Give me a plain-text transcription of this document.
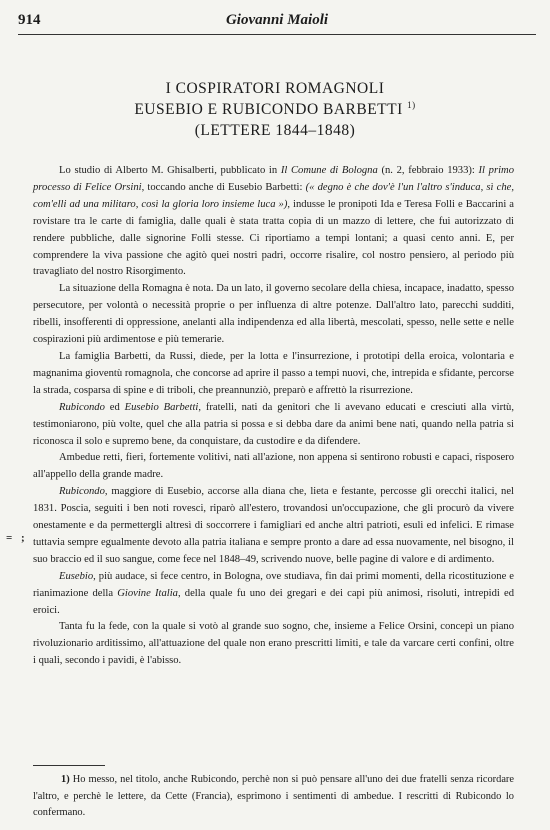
914	Giovanni Maioli
I COSPIRATORI ROMAGNOLI
EUSEBIO E RUBICONDO BARBETTI $^{1)}$
(LETTERE 1844–1848)
= ;

Lo studio di Alberto M. Ghisalberti, pubblicato in Il Comune di Bologna (n. 2, febbraio 1933): Il primo processo di Felice Orsini, toccando anche di Eusebio Barbetti: (« degno è che dov'è l'un l'altro s'induca, sì che, com'elli ad una militaro, così la gloria loro insieme luca »), indusse le pronipoti Ida e Teresa Folli e Baccarini a rovistare tra le carte di famiglia, dalle quali è stata tratta copia di un mazzo di lettere, che fui autorizzato di rendere pubbliche, dalle signorine Folli stesse. Ci riportiamo a tempi lontani; a quasi cento anni. E, per comprendere la viva passione che agitò quei nostri padri, occorre risalire, col nostro pensiero, al periodo più travagliato del nostro Risorgimento.

La situazione della Romagna è nota. Da un lato, il governo secolare della chiesa, incapace, inadatto, spesso persecutore, per volontà o necessità proprie o per influenza di altre potenze. Dall'altro lato, parecchi sudditi, ribelli, insofferenti di oppressione, anelanti alla indipendenza ed alla libertà, mescolati, spesso, nelle sette e nelle cospirazioni più ardimentose e più temerarie.

La famiglia Barbetti, da Russi, diede, per la lotta e l'insurrezione, i prototipi della eroica, volontaria e magnanima gioventù romagnola, che concorse ad aprire il passo a tempi nuovi, che, intrepida e sfidante, percorse la strada, cosparsa di spine e di triboli, che preannunziò, preparò e affrettò la risurrezione.

Rubicondo ed Eusebio Barbetti, fratelli, nati da genitori che li avevano educati e cresciuti alla virtù, testimoniarono, più volte, quel che alla patria si possa e si debba dare da animi bene nati, quando nella patria si riconosca il solo e supremo bene, da conquistare, da custodire e da difendere.

Ambedue retti, fieri, fortemente volitivi, nati all'azione, non appena si sentirono robusti e capaci, risposero all'appello della grande madre.

Rubicondo, maggiore di Eusebio, accorse alla diana che, lieta e festante, percosse gli orecchi italici, nel 1831. Poscia, seguiti i ben noti rovesci, riparò all'estero, trovandosi un'occupazione, che gli procurò da vivere onestamente e da permettergli altresì di soccorrere i famigliari ed anche altri patrioti, esuli ed infelici. E rimase tuttavia sempre egualmente devoto alla patria italiana e sempre pronto a dare ad essa nuovamente, nel bisogno, il suo braccio ed il suo sangue, come fece nel 1848–49, scrivendo nuove, belle pagine di valore e di ardimento.

Eusebio, più audace, si fece centro, in Bologna, ove studiava, fin dai primi momenti, della ricostituzione e rianimazione della Giovine Italia, della quale fu uno dei gregari e dei capi più animosi, risoluti, intrepidi ed eroici.

Tanta fu la fede, con la quale si votò al grande suo sogno, che, insieme a Felice Orsini, concepì un piano rivoluzionario arditissimo, all'attuazione del quale non erano prescritti limiti, e tale da varcare certi confini, oltre i quali, secondo i pavidi, è l'abisso.

1) Ho messo, nel titolo, anche Rubicondo, perchè non si può pensare all'uno dei due fratelli senza ricordare l'altro, e perchè le lettere, da Cette (Francia), esprimono i sentimenti di ambedue. I rescritti di Rubicondo lo confermano.
